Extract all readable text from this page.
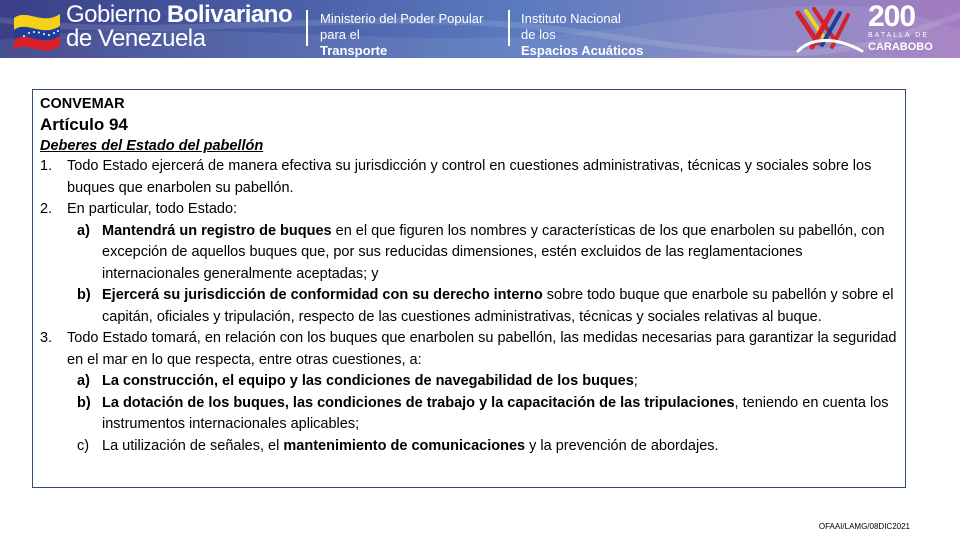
Gobierno Bolivariano
de Venezuela
Ministerio del Poder Popular
para el
Transporte
Instituto Nacional
de los
Espacios Acuáticos
200
BATALLA DE
CARABOBO
CONVEMAR
Artículo 94
Deberes del Estado del pabellón
1. Todo Estado ejercerá de manera efectiva su jurisdicción y control en cuestiones administrativas, técnicas y sociales sobre los buques que enarbolen su pabellón.
2. En particular, todo Estado:
a) Mantendrá un registro de buques en el que figuren los nombres y características de los que enarbolen su pabellón, con excepción de aquellos buques que, por sus reducidas dimensiones, estén excluidos de las reglamentaciones internacionales generalmente aceptadas; y
b) Ejercerá su jurisdicción de conformidad con su derecho interno sobre todo buque que enarbole su pabellón y sobre el capitán, oficiales y tripulación, respecto de las cuestiones administrativas, técnicas y sociales relativas al buque.
3. Todo Estado tomará, en relación con los buques que enarbolen su pabellón, las medidas necesarias para garantizar la seguridad en el mar en lo que respecta, entre otras cuestiones, a:
a) La construcción, el equipo y las condiciones de navegabilidad de los buques;
b) La dotación de los buques, las condiciones de trabajo y la capacitación de las tripulaciones, teniendo en cuenta los instrumentos internacionales aplicables;
c) La utilización de señales, el mantenimiento de comunicaciones y la prevención de abordajes.
OFAAI/LAMG/08DIC2021
